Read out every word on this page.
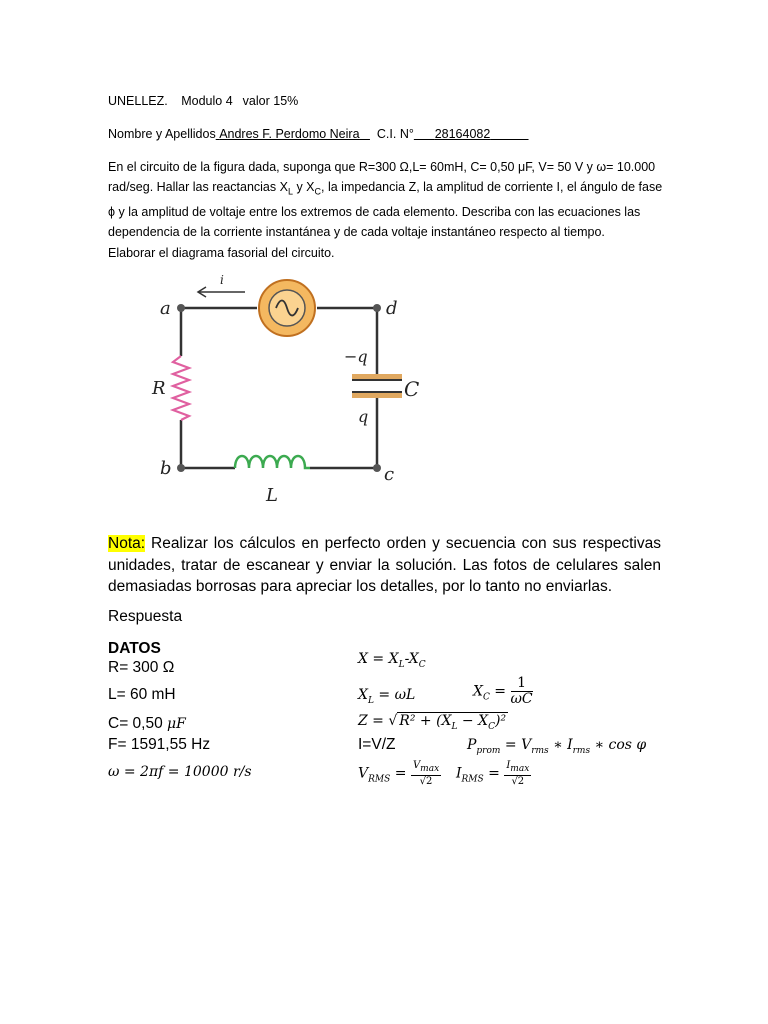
UNELLEZ. Modulo 4 valor 15%
Nombre y Apellidos Andres F. Perdomo Neira C.I. N° 28164082

En el circuito de la figura dada, suponga que R=300 Ω,L= 60mH, C= 0,50 μF, V= 50 V y ω= 10.000

rad/seg. Hallar las reactancias $X_L$ y $X_C$, la impedancia Z, la amplitud de corriente I, el ángulo de fase

ϕ y la amplitud de voltaje entre los extremos de cada elemento. Describa con las ecuaciones las

dependencia de la corriente instantánea y de cada voltaje instantáneo respecto al tiempo.

Elaborar el diagrama fasorial del circuito.

a
b	c
d
R
L
C
−q
q
i
Nota: Realizar los cálculos en perfecto orden y secuencia con sus respectivas unidades, tratar de escanear y enviar la solución. Las fotos de celulares salen demasiadas borrosas para apreciar los detalles, por lo tanto no enviarlas.
Respuesta
DATOS
R= 300 Ω
L= 60 mH
C= 0,50 μF
F= 1591,55 Hz
ω = 2πf = 10000 r/s
$X = X_L-X_C$
$X_L = \omega L$	$X_C = \frac{1}{\omega C}$
Z = √ $R^2 + (X_L - X_C)^2$
I=V/Z	$P_{prom} = V_{rms}$ ∗ $I_{rms}$ ∗ cos φ
$V_{RMS} = \frac{V_{max}}{√2} I_{RMS} = \frac{I_{max}}{√2}$
